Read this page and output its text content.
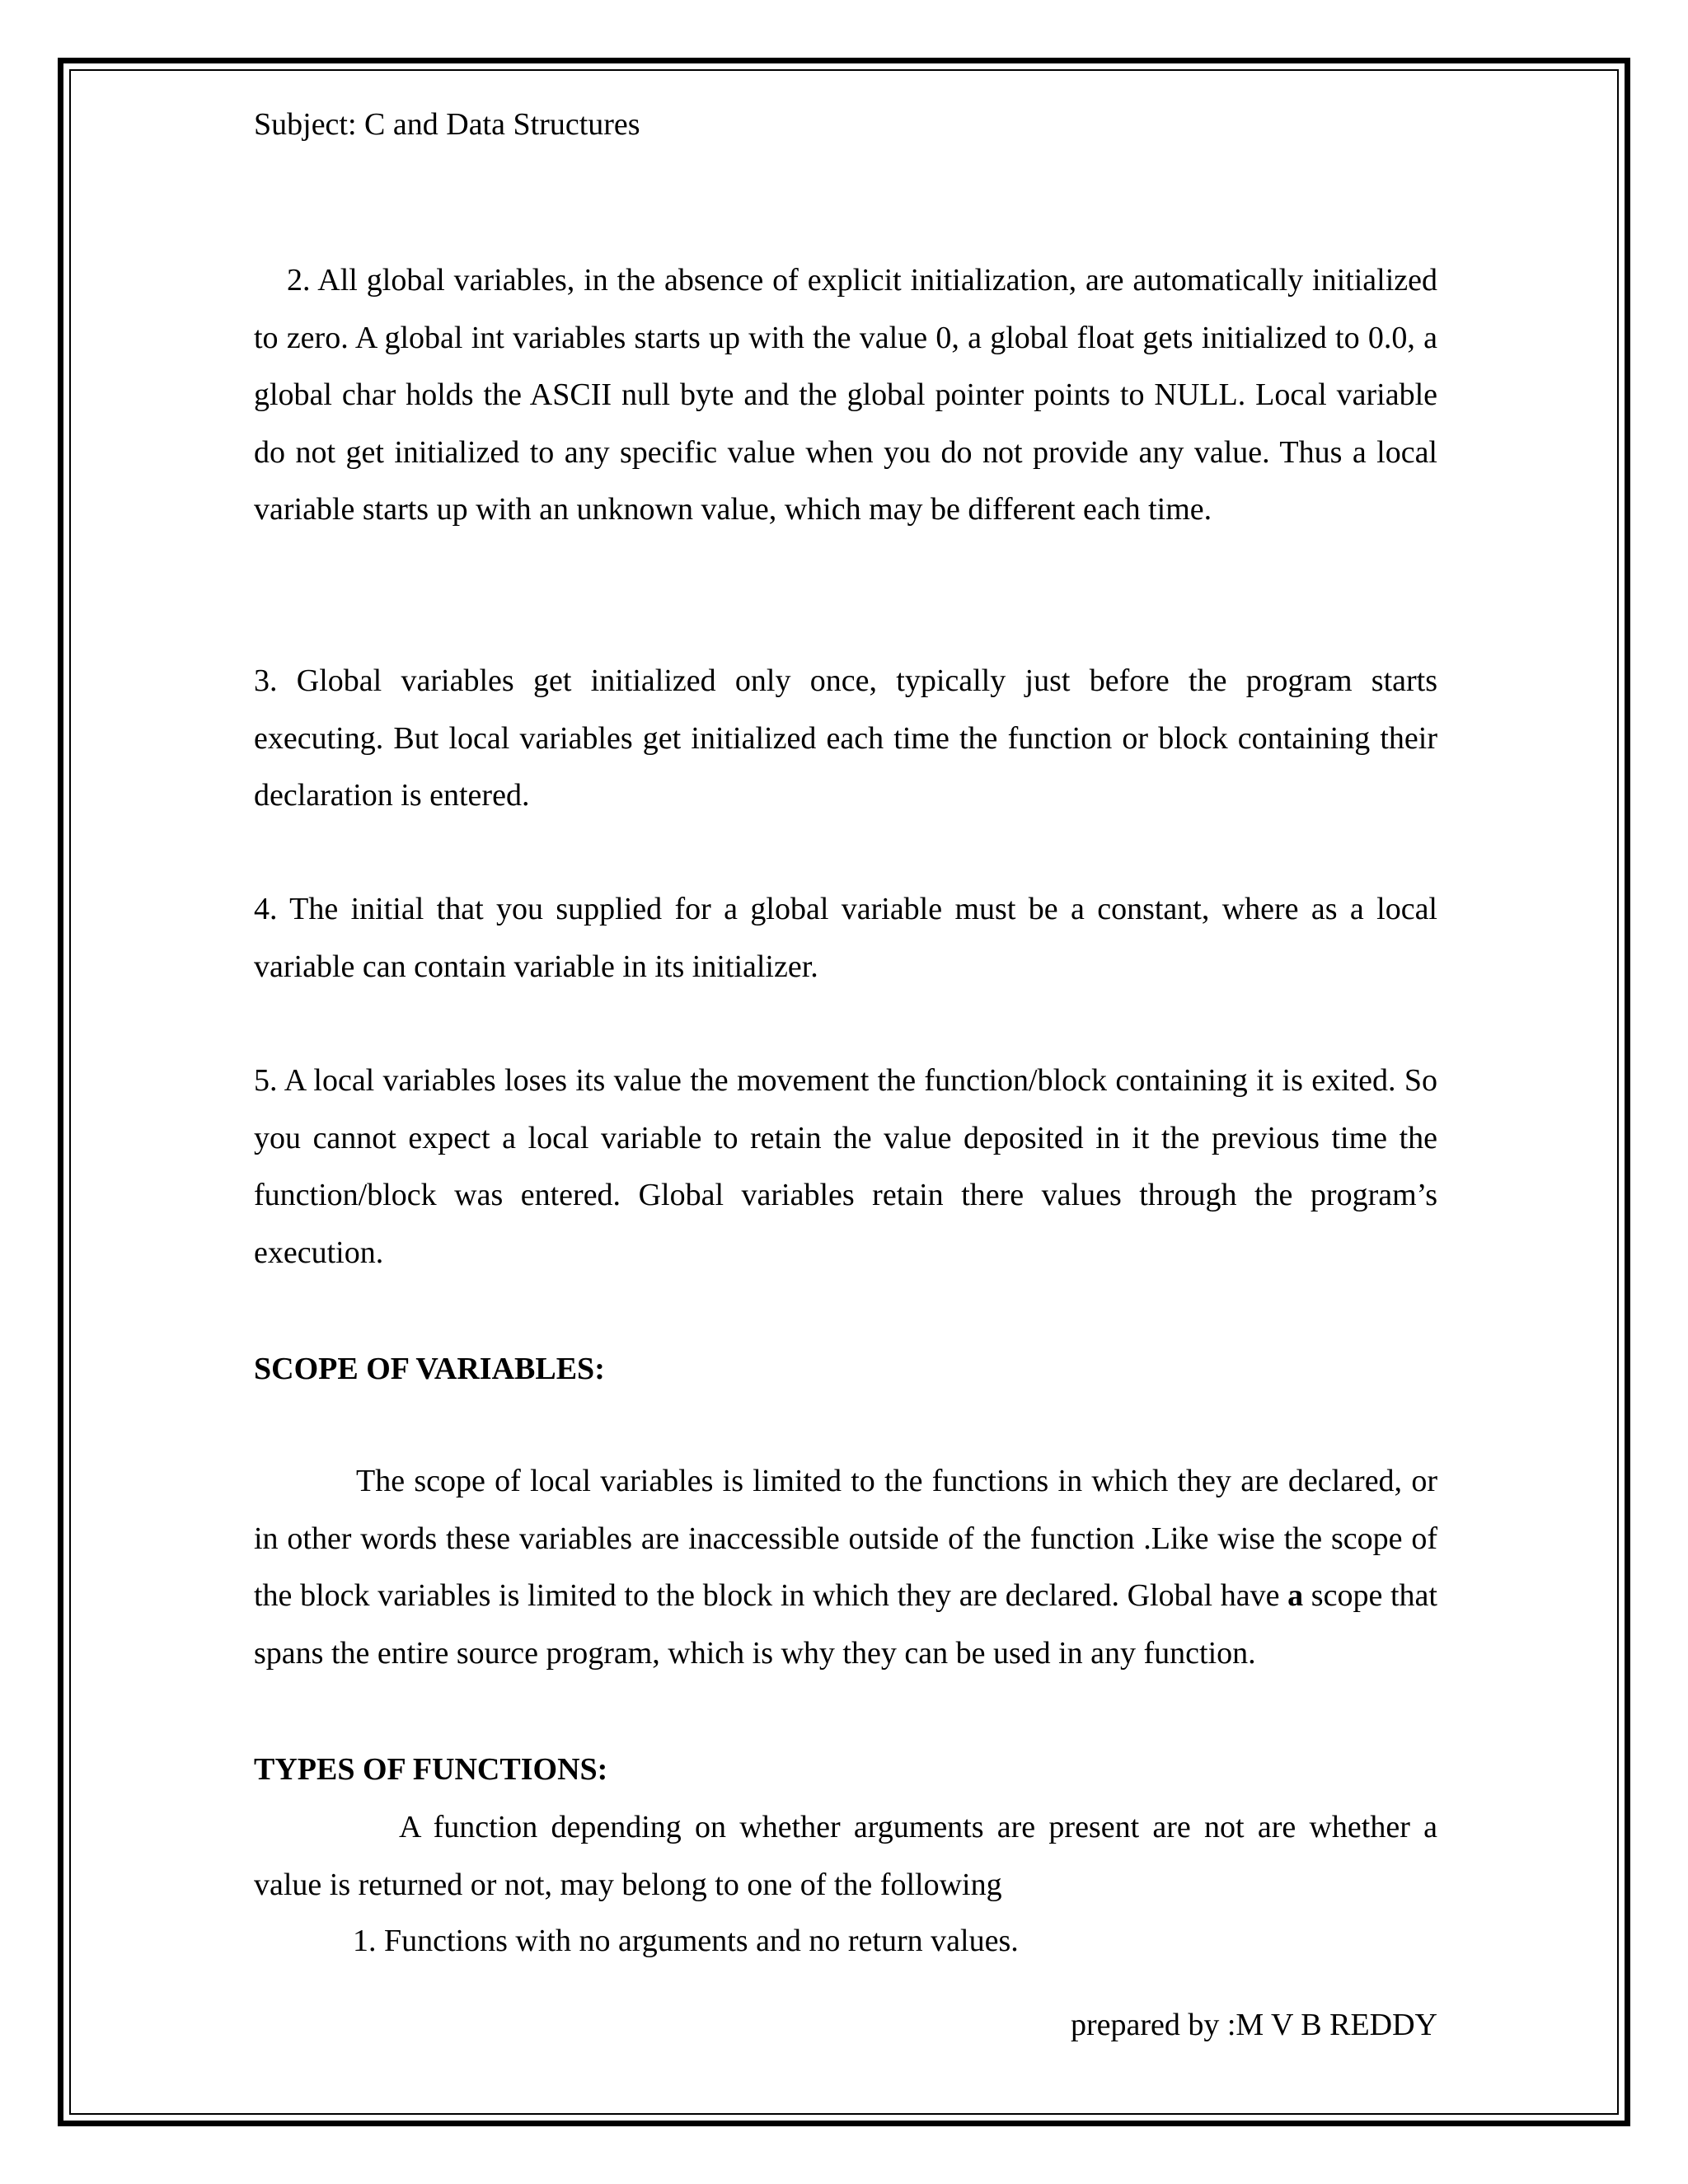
Subject: C and Data Structures
2. All global variables, in the absence of explicit initialization, are automatically initialized to zero. A global int variables starts up with the value 0, a global float gets initialized to 0.0, a global char holds the ASCII null byte and the global pointer points to NULL. Local variable do not get initialized to any specific value when you do not provide any value. Thus a local variable starts up with an unknown value, which may be different each time.
3. Global variables get initialized only once, typically just before the program starts executing. But local variables get initialized each time the function or block containing their declaration is entered.
4. The initial that you supplied for a global variable must be a constant, where as a local variable can contain variable in its initializer.
5. A local variables loses its value the movement the function/block containing it is exited. So you cannot expect a local variable to retain the value deposited in it the previous time the function/block was entered. Global variables retain there values through the program’s execution.
SCOPE OF VARIABLES:
The scope of local variables is limited to the functions in which they are declared, or in other words these variables are inaccessible outside of the function .Like wise the scope of the block variables is limited to the block in which they are declared. Global have a scope that spans the entire source program, which is why they can be used in any function.
TYPES OF FUNCTIONS:
A function depending on whether arguments are present are not are whether a value is returned or not, may belong to one of the following
1. Functions with no arguments and no return values.
prepared by :M V B REDDY
